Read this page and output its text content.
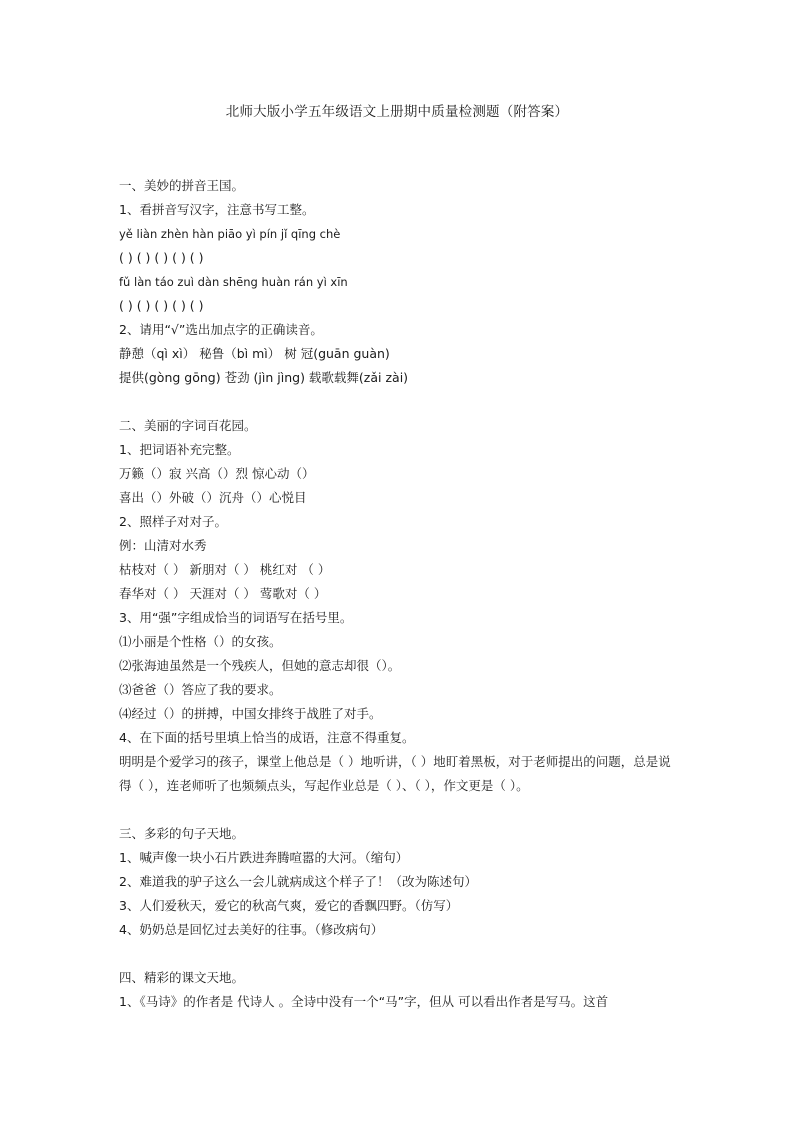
北师大版小学五年级语文上册期中质量检测题（附答案）
一、美妙的拼音王国。
1、看拼音写汉字，注意书写工整。
yě liàn zhèn hàn piāo yì pín jǐ qīng chè
( ) ( ) ( ) ( ) ( )
fǔ làn táo zuì dàn shēng huàn rán yì xīn
( ) ( ) ( ) ( ) ( )
2、请用“√”选出加点字的正确读音。
静憩（qì xì） 秘鲁（bì mì） 树 冠(guān guàn)
提供(gòng gōng) 苍劲 (jìn jìng) 载歌载舞(zǎi zài)
二、美丽的字词百花园。
1、把词语补充完整。
万籁（）寂 兴高（）烈 惊心动（）
喜出（）外破（）沉舟（）心悦目
2、照样子对对子。
例：山清对水秀
枯枝对（ ） 新朋对（ ） 桃红对 （ ）
春华对（ ） 天涯对（ ） 莺歌对（ ）
3、用“强”字组成恰当的词语写在括号里。
⑴小丽是个性格（）的女孩。
⑵张海迪虽然是一个残疾人，但她的意志却很（）。
⑶爸爸（）答应了我的要求。
⑷经过（）的拼搏，中国女排终于战胜了对手。
4、在下面的括号里填上恰当的成语，注意不得重复。
明明是个爱学习的孩子，课堂上他总是（ ）地听讲，（ ）地盯着黑板，对于老师提出的问题，总是说得（ ），连老师听了也频频点头，写起作业总是（ ）、（ ），作文更是（ ）。
三、多彩的句子天地。
1、喊声像一块小石片跌进奔腾喧嚣的大河。（缩句）
2、难道我的驴子这么一会儿就病成这个样子了！（改为陈述句）
3、人们爱秋天，爱它的秋高气爽，爱它的香飘四野。（仿写）
4、奶奶总是回忆过去美好的往事。（修改病句）
四、精彩的课文天地。
1、《马诗》的作者是 代诗人 。全诗中没有一个“马”字，但从 可以看出作者是写马。这首
